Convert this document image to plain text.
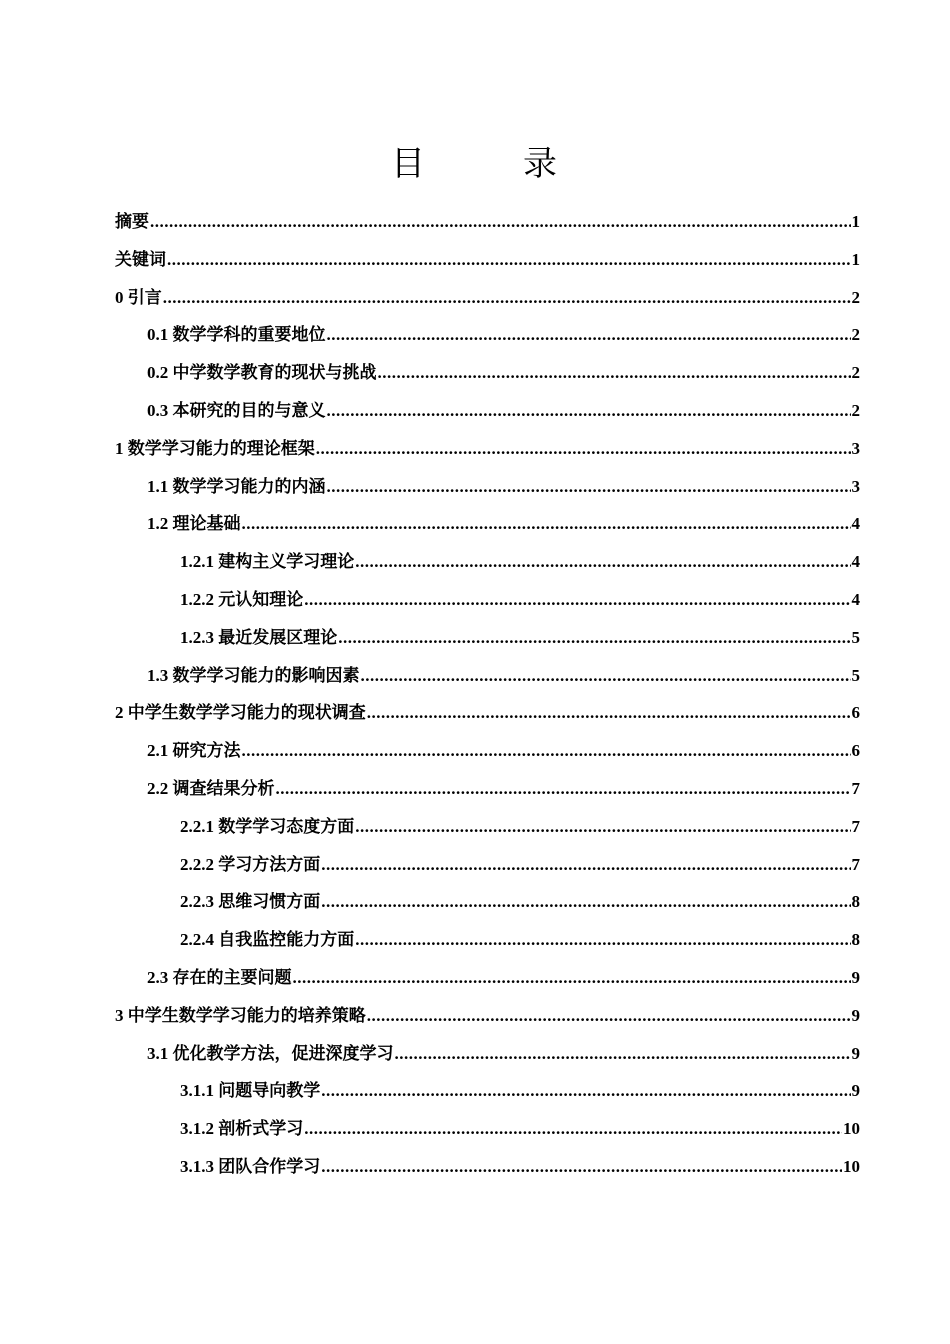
目　录
摘要 .....	1
关键词 .....	1
0 引言 .....	2
0.1 数学学科的重要地位 .....	2
0.2 中学数学教育的现状与挑战 .....	2
0.3 本研究的目的与意义 .....	2
1 数学学习能力的理论框架 .....	3
1.1 数学学习能力的内涵 .....	3
1.2 理论基础 .....	4
1.2.1 建构主义学习理论 .....	4
1.2.2 元认知理论 .....	4
1.2.3 最近发展区理论 .....	5
1.3 数学学习能力的影响因素 .....	5
2 中学生数学学习能力的现状调查 .....	6
2.1 研究方法 .....	6
2.2 调查结果分析 .....	7
2.2.1 数学学习态度方面 .....	7
2.2.2 学习方法方面 .....	7
2.2.3 思维习惯方面 .....	8
2.2.4 自我监控能力方面 .....	8
2.3 存在的主要问题 .....	9
3 中学生数学学习能力的培养策略 .....	9
3.1 优化教学方法，促进深度学习 .....	9
3.1.1 问题导向教学 .....	9
3.1.2 剖析式学习 .....	10
3.1.3 团队合作学习 .....	10
